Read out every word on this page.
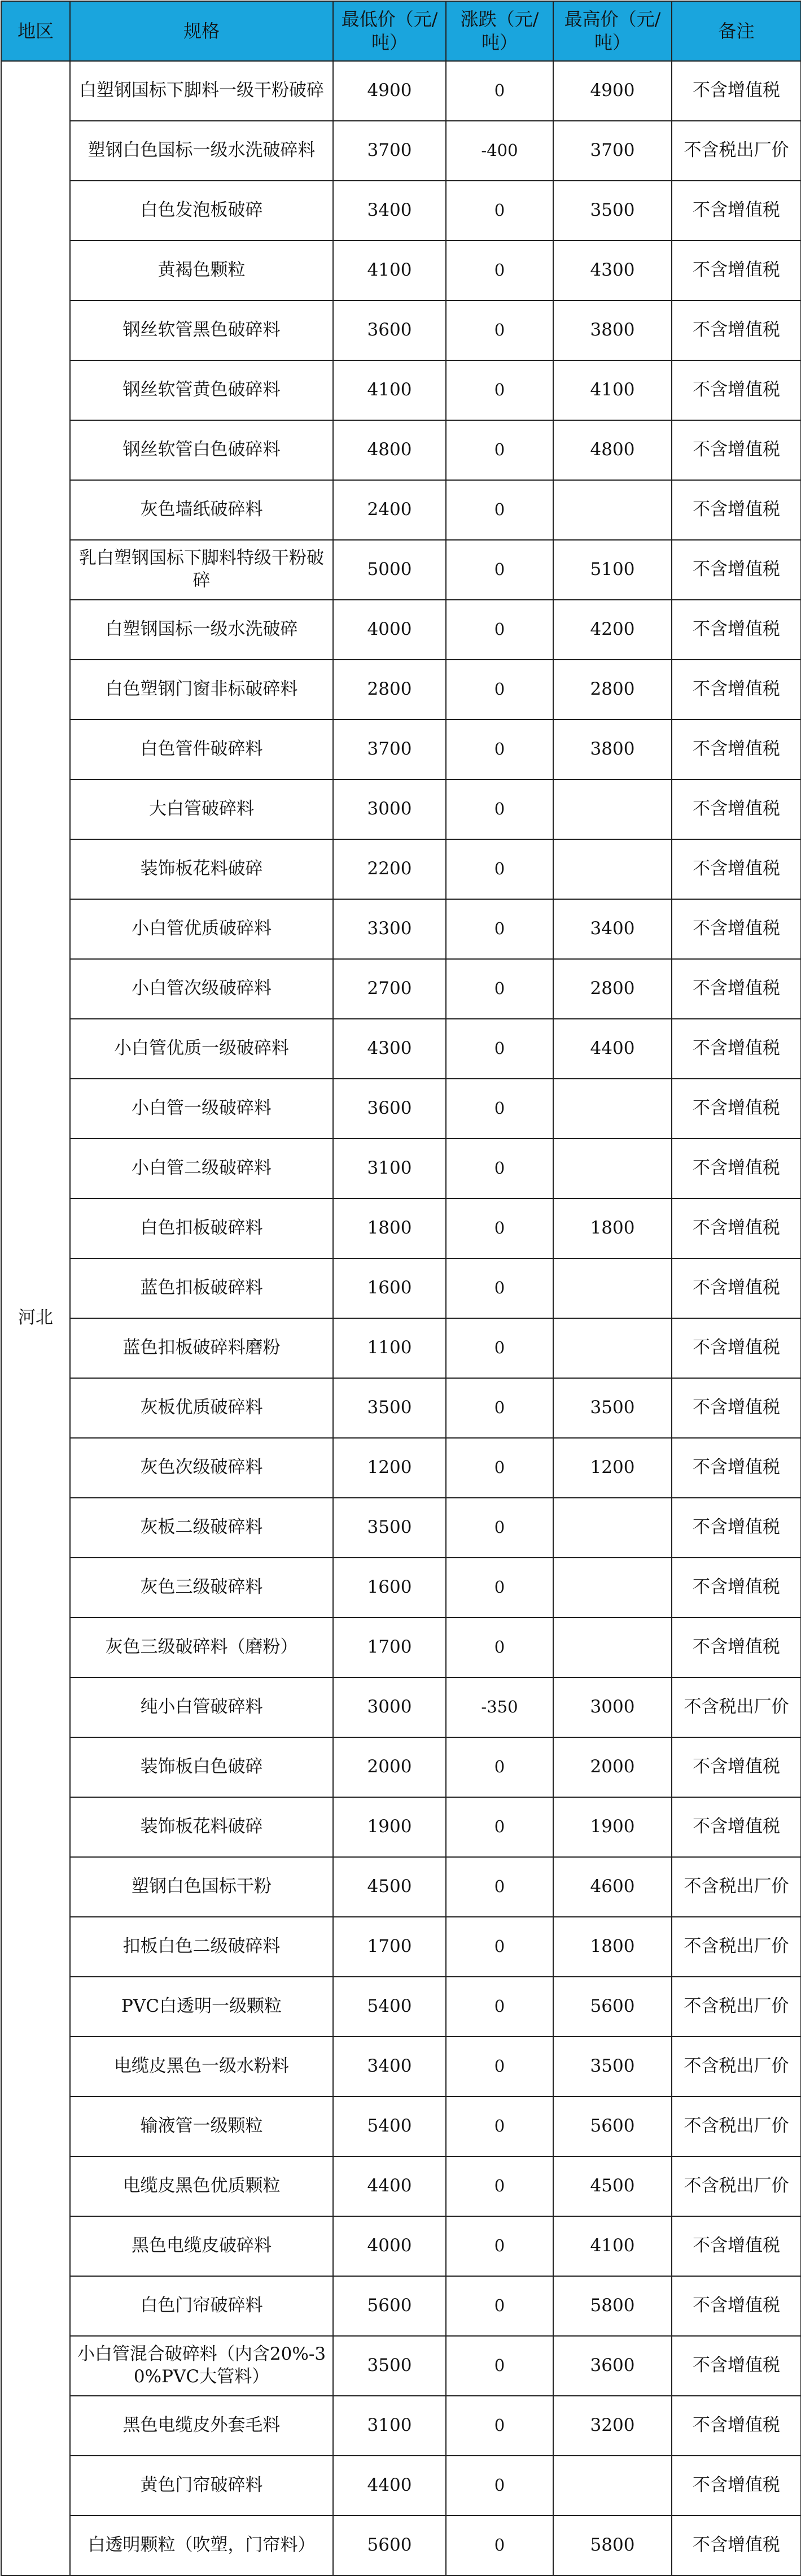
地区	规格	最低价（元/吨）	涨跌（元/吨）	最高价（元/吨）	备注
河北	白塑钢国标下脚料一级干粉破碎	4900	0	4900	不含增值税
	塑钢白色国标一级水洗破碎料	3700	-400	3700	不含税出厂价
	白色发泡板破碎	3400	0	3500	不含增值税
	黄褐色颗粒	4100	0	4300	不含增值税
	钢丝软管黑色破碎料	3600	0	3800	不含增值税
	钢丝软管黄色破碎料	4100	0	4100	不含增值税
	钢丝软管白色破碎料	4800	0	4800	不含增值税
	灰色墙纸破碎料	2400	0		不含增值税
	乳白塑钢国标下脚料特级干粉破碎	5000	0	5100	不含增值税
	白塑钢国标一级水洗破碎	4000	0	4200	不含增值税
	白色塑钢门窗非标破碎料	2800	0	2800	不含增值税
	白色管件破碎料	3700	0	3800	不含增值税
	大白管破碎料	3000	0		不含增值税
	装饰板花料破碎	2200	0		不含增值税
	小白管优质破碎料	3300	0	3400	不含增值税
	小白管次级破碎料	2700	0	2800	不含增值税
	小白管优质一级破碎料	4300	0	4400	不含增值税
	小白管一级破碎料	3600	0		不含增值税
	小白管二级破碎料	3100	0		不含增值税
	白色扣板破碎料	1800	0	1800	不含增值税
	蓝色扣板破碎料	1600	0		不含增值税
	蓝色扣板破碎料磨粉	1100	0		不含增值税
	灰板优质破碎料	3500	0	3500	不含增值税
	灰色次级破碎料	1200	0	1200	不含增值税
	灰板二级破碎料	3500	0		不含增值税
	灰色三级破碎料	1600	0		不含增值税
	灰色三级破碎料（磨粉）	1700	0		不含增值税
	纯小白管破碎料	3000	-350	3000	不含税出厂价
	装饰板白色破碎	2000	0	2000	不含增值税
	装饰板花料破碎	1900	0	1900	不含增值税
	塑钢白色国标干粉	4500	0	4600	不含税出厂价
	扣板白色二级破碎料	1700	0	1800	不含税出厂价
	PVC白透明一级颗粒	5400	0	5600	不含税出厂价
	电缆皮黑色一级水粉料	3400	0	3500	不含税出厂价
	输液管一级颗粒	5400	0	5600	不含税出厂价
	电缆皮黑色优质颗粒	4400	0	4500	不含税出厂价
	黑色电缆皮破碎料	4000	0	4100	不含增值税
	白色门帘破碎料	5600	0	5800	不含增值税
	小白管混合破碎料（内含20%-30%PVC大管料）	3500	0	3600	不含增值税
	黑色电缆皮外套毛料	3100	0	3200	不含增值税
	黄色门帘破碎料	4400	0		不含增值税
	白透明颗粒（吹塑，门帘料）	5600	0	5800	不含增值税
